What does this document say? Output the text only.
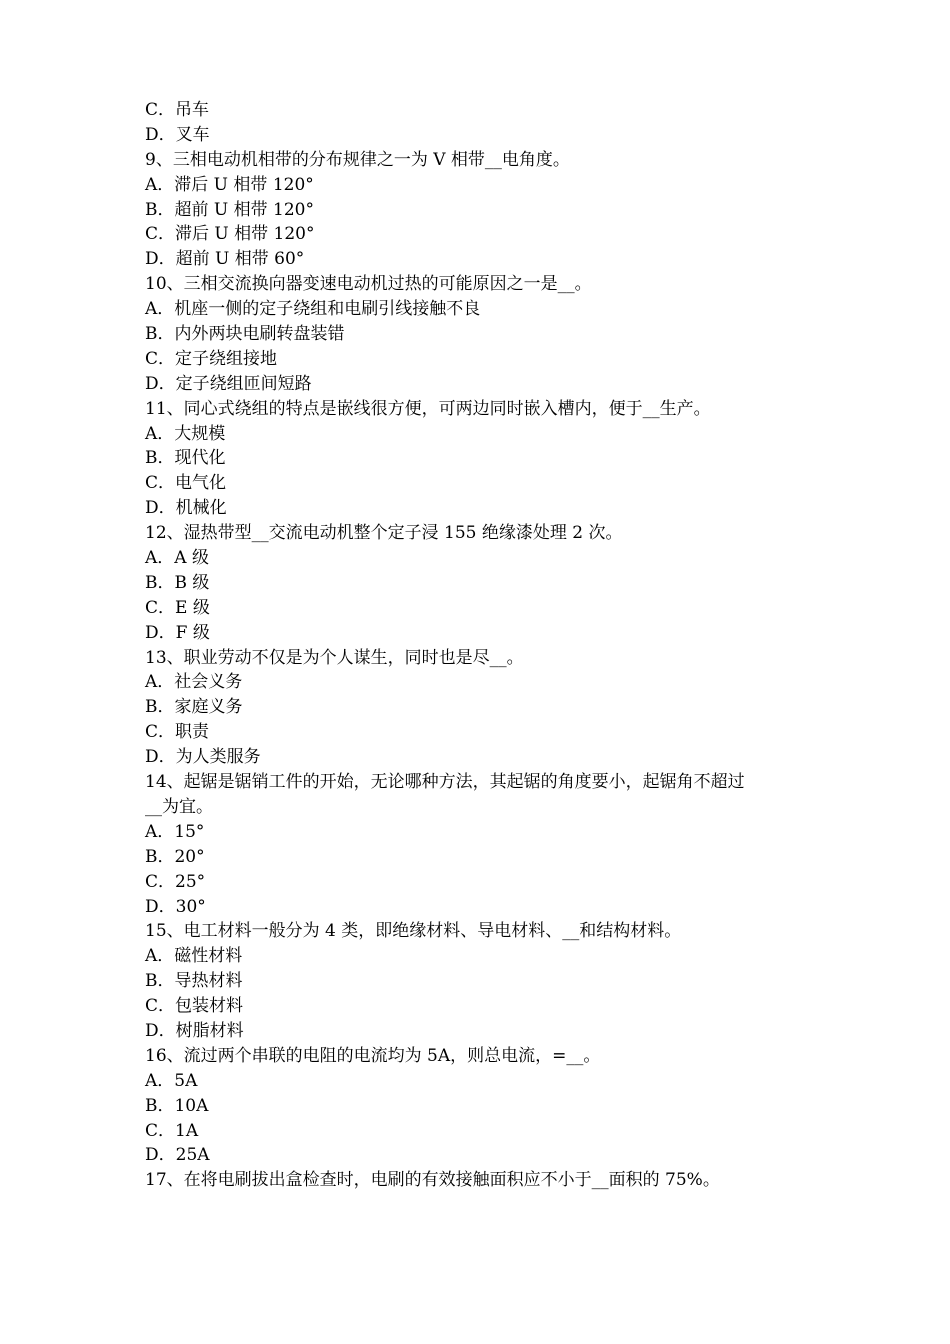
C．吊车
D．叉车
9、三相电动机相带的分布规律之一为 V 相带__电角度。
A．滞后 U 相带 120°
B．超前 U 相带 120°
C．滞后 U 相带 120°
D．超前 U 相带 60°
10、三相交流换向器变速电动机过热的可能原因之一是__。
A．机座一侧的定子绕组和电刷引线接触不良
B．内外两块电刷转盘装错
C．定子绕组接地
D．定子绕组匝间短路
11、同心式绕组的特点是嵌线很方便，可两边同时嵌入槽内，便于__生产。
A．大规模
B．现代化
C．电气化
D．机械化
12、湿热带型__交流电动机整个定子浸 155 绝缘漆处理 2 次。
A．A 级
B．B 级
C．E 级
D．F 级
13、职业劳动不仅是为个人谋生，同时也是尽__。
A．社会义务
B．家庭义务
C．职责
D．为人类服务
14、起锯是锯销工件的开始，无论哪种方法，其起锯的角度要小，起锯角不超过
__为宜。
A．15°
B．20°
C．25°
D．30°
15、电工材料一般分为 4 类，即绝缘材料、导电材料、__和结构材料。
A．磁性材料
B．导热材料
C．包装材料
D．树脂材料
16、流过两个串联的电阻的电流均为 5A，则总电流，=__。
A．5A
B．10A
C．1A
D．25A
17、在将电刷拔出盒检查时，电刷的有效接触面积应不小于__面积的 75%。
